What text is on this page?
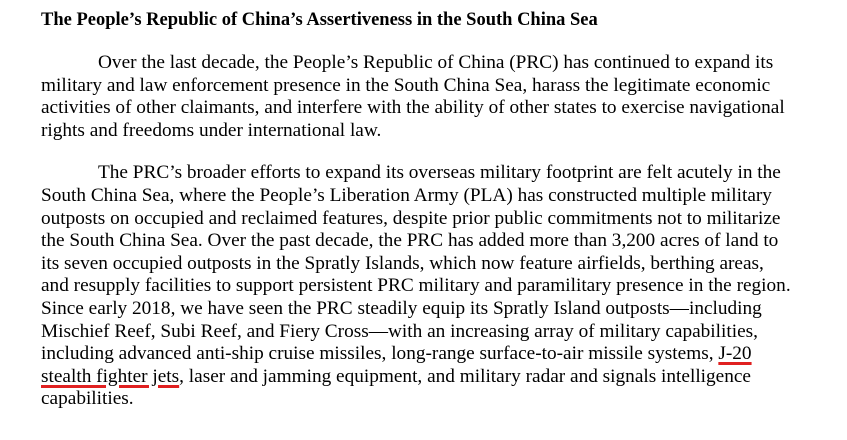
The People’s Republic of China’s Assertiveness in the South China Sea
Over the last decade, the People’s Republic of China (PRC) has continued to expand its
military and law enforcement presence in the South China Sea, harass the legitimate economic
activities of other claimants, and interfere with the ability of other states to exercise navigational
rights and freedoms under international law.
The PRC’s broader efforts to expand its overseas military footprint are felt acutely in the
South China Sea, where the People’s Liberation Army (PLA) has constructed multiple military
outposts on occupied and reclaimed features, despite prior public commitments not to militarize
the South China Sea. Over the past decade, the PRC has added more than 3,200 acres of land to
its seven occupied outposts in the Spratly Islands, which now feature airfields, berthing areas,
and resupply facilities to support persistent PRC military and paramilitary presence in the region.
Since early 2018, we have seen the PRC steadily equip its Spratly Island outposts—including
Mischief Reef, Subi Reef, and Fiery Cross—with an increasing array of military capabilities,
including advanced anti-ship cruise missiles, long-range surface-to-air missile systems, J-20
stealth fighter jets, laser and jamming equipment, and military radar and signals intelligence
capabilities.
